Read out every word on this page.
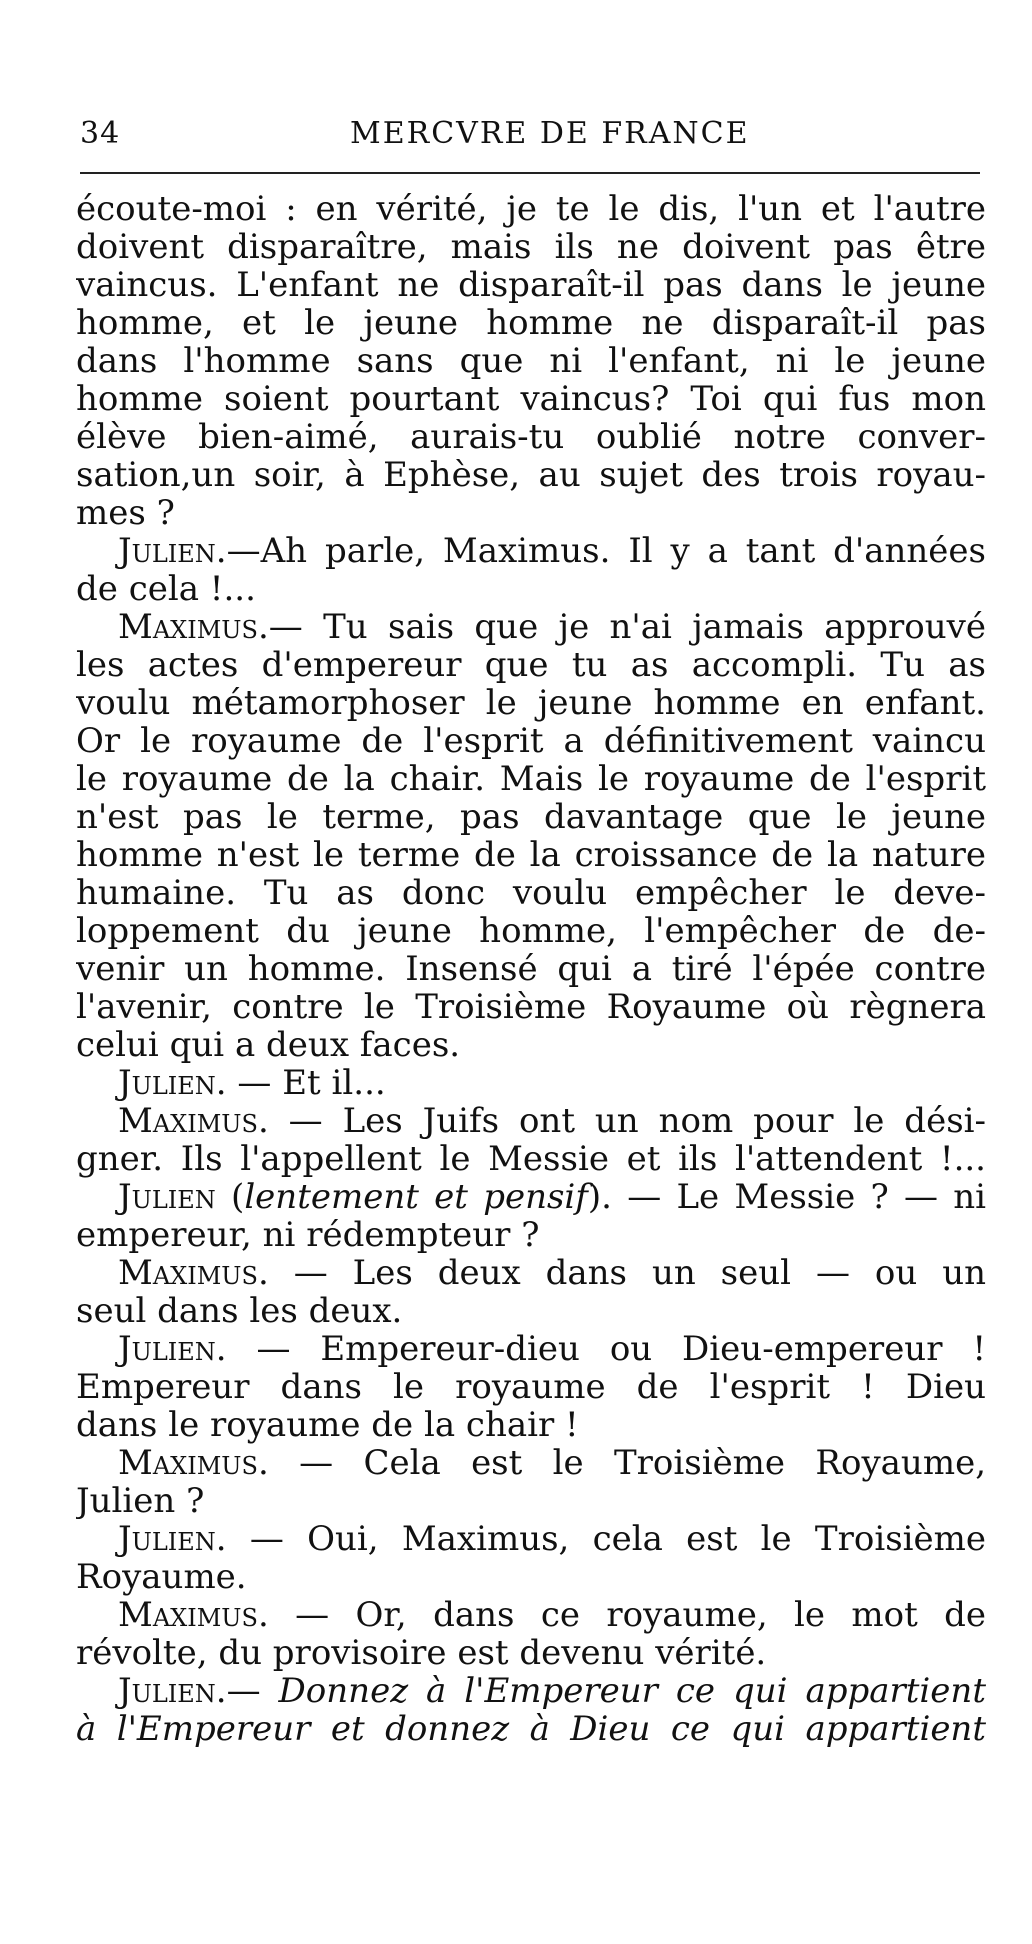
34	MERCVRE DE FRANCE
écoute-moi : en vérité, je te le dis, l'un et l'autre
doivent disparaître, mais ils ne doivent pas être
vaincus. L'enfant ne disparaît-il pas dans le jeune
homme, et le jeune homme ne disparaît-il pas
dans l'homme sans que ni l'enfant, ni le jeune
homme soient pourtant vaincus? Toi qui fus mon
élève bien-aimé, aurais-tu oublié notre conver-
sation,un soir, à Ephèse, au sujet des trois royau-
mes ?
Julien.—Ah parle, Maximus. Il y a tant d'années
de cela !...
Maximus.— Tu sais que je n'ai jamais approuvé
les actes d'empereur que tu as accompli. Tu as
voulu métamorphoser le jeune homme en enfant.
Or le royaume de l'esprit a définitivement vaincu
le royaume de la chair. Mais le royaume de l'esprit
n'est pas le terme, pas davantage que le jeune
homme n'est le terme de la croissance de la nature
humaine. Tu as donc voulu empêcher le deve-
loppement du jeune homme, l'empêcher de de-
venir un homme. Insensé qui a tiré l'épée contre
l'avenir, contre le Troisième Royaume où règnera
celui qui a deux faces.
Julien. — Et il...
Maximus. — Les Juifs ont un nom pour le dési-
gner. Ils l'appellent le Messie et ils l'attendent !...
Julien (lentement et pensif). — Le Messie ? — ni
empereur, ni rédempteur ?
Maximus. — Les deux dans un seul — ou un
seul dans les deux.
Julien. — Empereur-dieu ou Dieu-empereur !
Empereur dans le royaume de l'esprit ! Dieu
dans le royaume de la chair !
Maximus. — Cela est le Troisième Royaume,
Julien ?
Julien. — Oui, Maximus, cela est le Troisième
Royaume.
Maximus. — Or, dans ce royaume, le mot de
révolte, du provisoire est devenu vérité.
Julien.— Donnez à l'Empereur ce qui appartient
à l'Empereur et donnez à Dieu ce qui appartient
